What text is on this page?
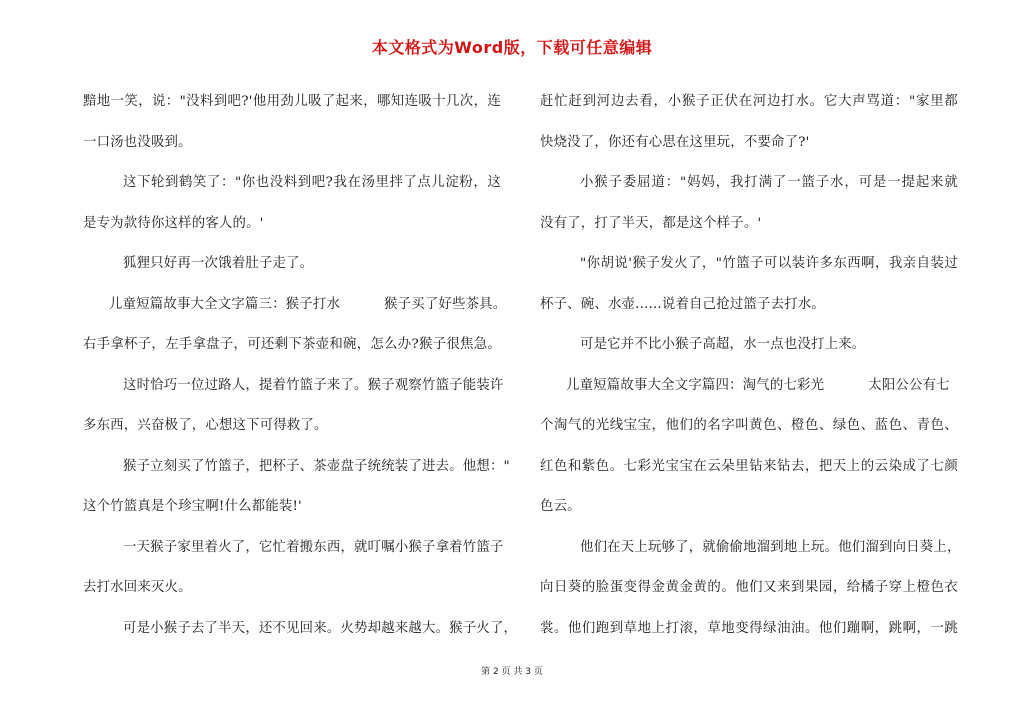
本文格式为Word版，下载可任意编辑
黯地一笑，说："没料到吧?'他用劲儿吸了起来，哪知连吸十几次，连
一口汤也没吸到。
这下轮到鹤笑了："你也没料到吧?我在汤里拌了点儿淀粉，这
是专为款待你这样的客人的。'
狐狸只好再一次饿着肚子走了。
儿童短篇故事大全文字篇三：猴子打水	猴子买了好些茶具。
右手拿杯子，左手拿盘子，可还剩下茶壶和碗，怎么办?猴子很焦急。
这时恰巧一位过路人，提着竹篮子来了。猴子观察竹篮子能装许
多东西，兴奋极了，心想这下可得救了。
猴子立刻买了竹篮子，把杯子、茶壶盘子统统装了进去。他想："
这个竹篮真是个珍宝啊!什么都能装!'
一天猴子家里着火了，它忙着搬东西，就叮嘱小猴子拿着竹篮子
去打水回来灭火。
可是小猴子去了半天，还不见回来。火势却越来越大。猴子火了，
赶忙赶到河边去看，小猴子正伏在河边打水。它大声骂道："家里都
快烧没了，你还有心思在这里玩，不要命了?'
小猴子委屈道："妈妈，我打满了一篮子水，可是一提起来就
没有了，打了半天，都是这个样子。'
"你胡说'猴子发火了，"竹篮子可以装许多东西啊，我亲自装过
杯子、碗、水壶......说着自己抢过篮子去打水。
可是它并不比小猴子高超，水一点也没打上来。
儿童短篇故事大全文字篇四：淘气的七彩光	太阳公公有七
个淘气的光线宝宝，他们的名字叫黄色、橙色、绿色、蓝色、青色、
红色和紫色。七彩光宝宝在云朵里钻来钻去，把天上的云染成了七颜
色云。
他们在天上玩够了，就偷偷地溜到地上玩。他们溜到向日葵上，
向日葵的脸蛋变得金黄金黄的。他们又来到果园，给橘子穿上橙色衣
裳。他们跑到草地上打滚，草地变得绿油油。他们蹦啊，跳啊，一跳
第 2 页 共 3 页
